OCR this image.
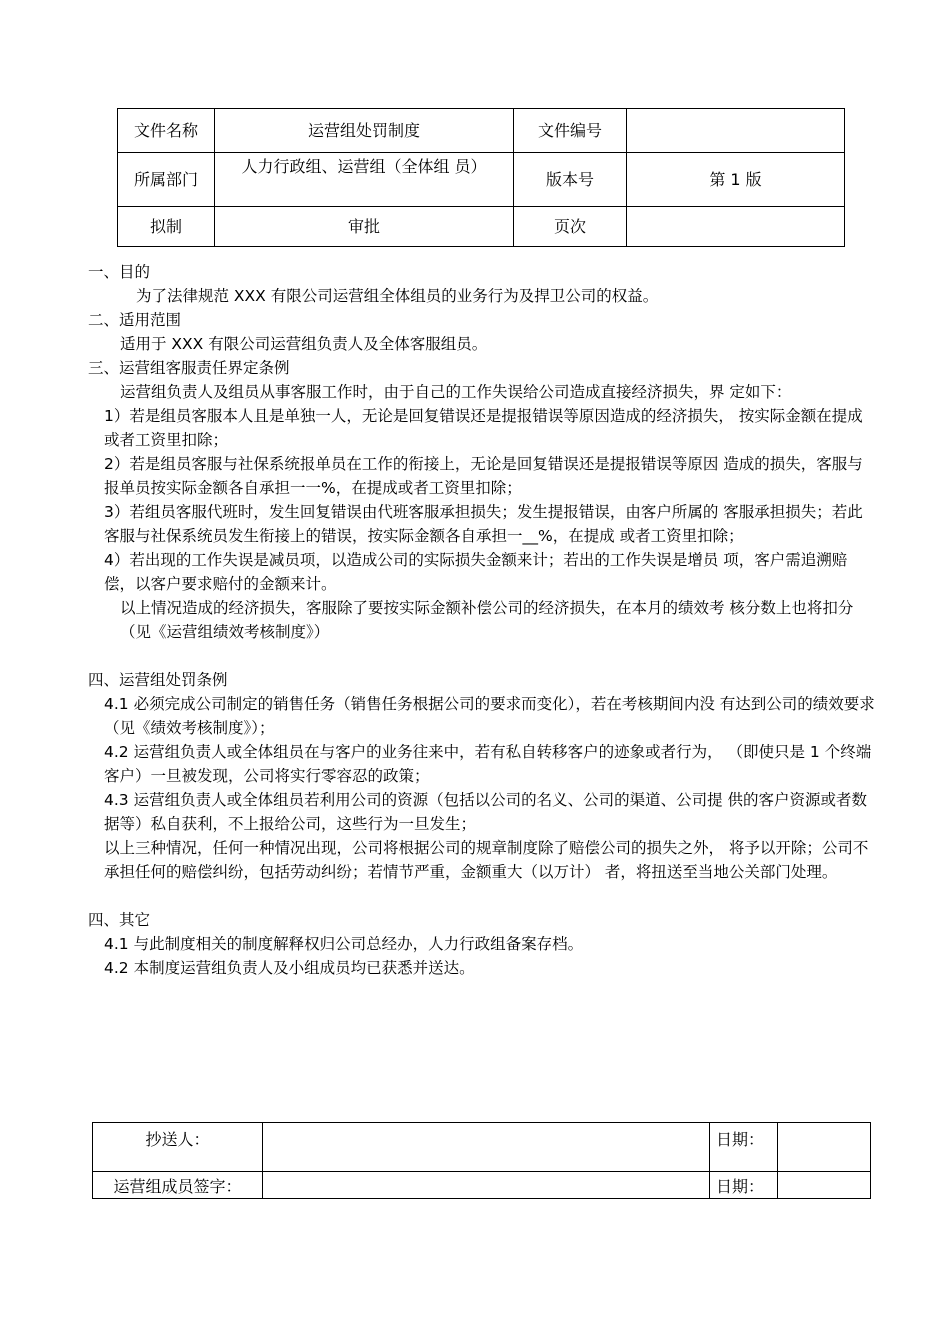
文件名称	运营组处罚制度	文件编号	
所属部门	人力行政组、运营组（全体组 员）	版本号	第 1 版
拟制	审批	页次	

一、目的

为了法律规范 XXX 有限公司运营组全体组员的业务行为及捍卫公司的权益。

二、适用范围

适用于 XXX 有限公司运营组负责人及全体客服组员。

三、运营组客服责任界定条例

运营组负责人及组员从事客服工作时，由于自己的工作失误给公司造成直接经济损失，界 定如下：

1）若是组员客服本人且是单独一人，无论是回复错误还是提报错误等原因造成的经济损失， 按实际金额在提成或者工资里扣除；

2）若是组员客服与社保系统报单员在工作的衔接上，无论是回复错误还是提报错误等原因 造成的损失，客服与报单员按实际金额各自承担一一%，在提成或者工资里扣除；

3）若组员客服代班时，发生回复错误由代班客服承担损失；发生提报错误，由客户所属的 客服承担损失；若此客服与社保系统员发生衔接上的错误，按实际金额各自承担一__%，在提成 或者工资里扣除；

4）若出现的工作失误是减员项，以造成公司的实际损失金额来计；若出的工作失误是增员 项，客户需追溯赔偿，以客户要求赔付的金额来计。

以上情况造成的经济损失，客服除了要按实际金额补偿公司的经济损失，在本月的绩效考 核分数上也将扣分（见《运营组绩效考核制度》）

四、运营组处罚条例

4.1 必须完成公司制定的销售任务（销售任务根据公司的要求而变化），若在考核期间内没 有达到公司的绩效要求（见《绩效考核制度》）；

4.2 运营组负责人或全体组员在与客户的业务往来中，若有私自转移客户的迹象或者行为， （即使只是 1 个终端客户）一旦被发现，公司将实行零容忍的政策；

4.3 运营组负责人或全体组员若利用公司的资源（包括以公司的名义、公司的渠道、公司提 供的客户资源或者数据等）私自获利，不上报给公司，这些行为一旦发生；

以上三种情况，任何一种情况出现，公司将根据公司的规章制度除了赔偿公司的损失之外， 将予以开除；公司不承担任何的赔偿纠纷，包括劳动纠纷；若情节严重，金额重大（以万计） 者，将扭送至当地公关部门处理。

四、其它

4.1 与此制度相关的制度解释权归公司总经办，人力行政组备案存档。

4.2 本制度运营组负责人及小组成员均已获悉并送达。

抄送人：		日期：	
运营组成员签字：		日期：	
